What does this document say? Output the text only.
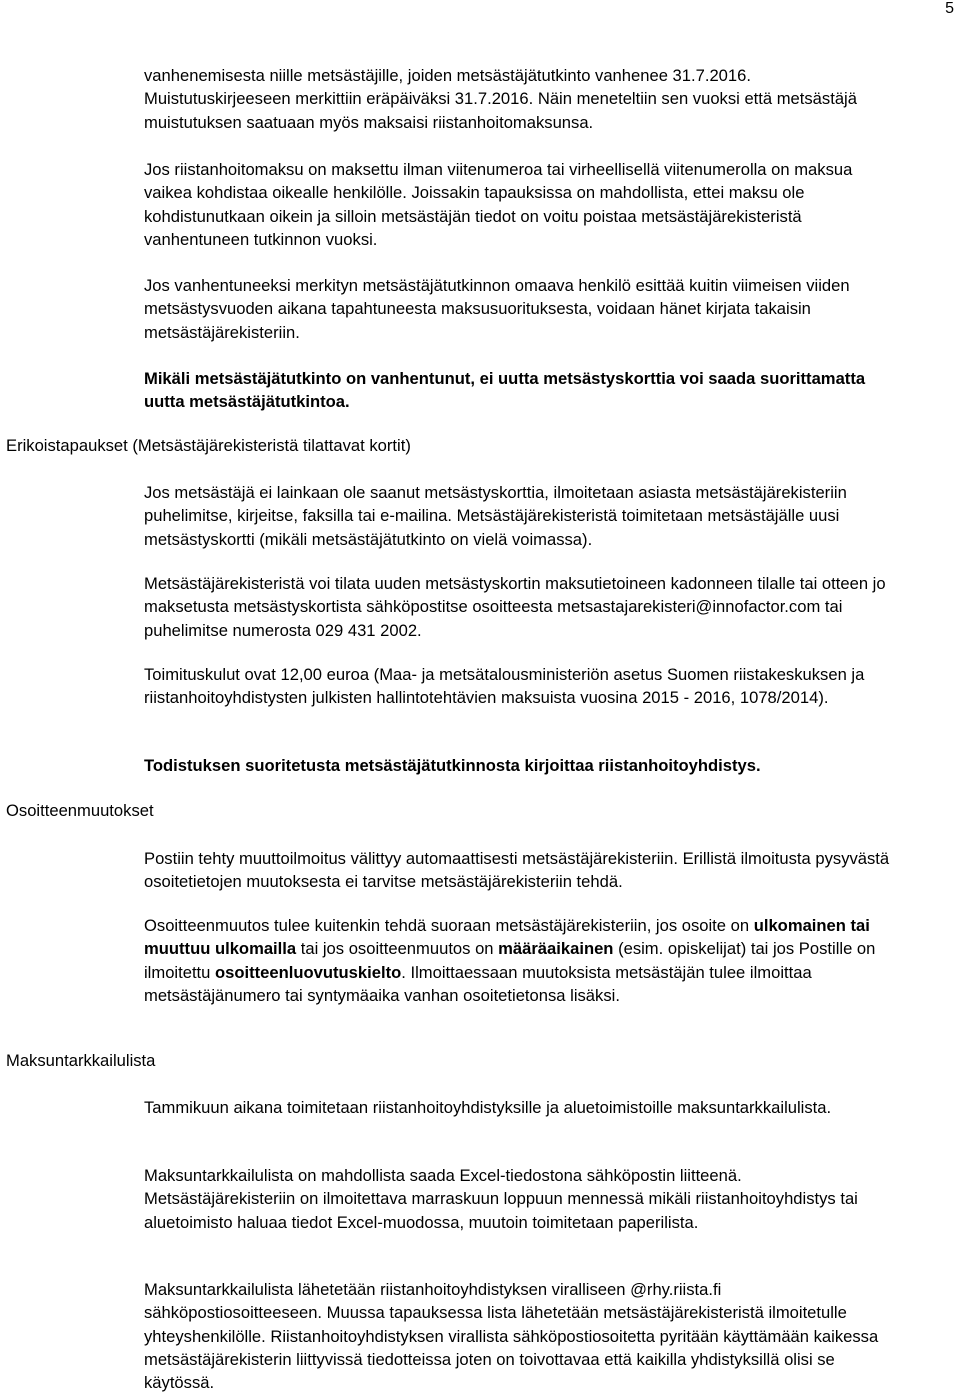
5

vanhenemisesta niille metsästäjille, joiden metsästäjätutkinto vanhenee 31.7.2016. Muistutuskirjeeseen merkittiin eräpäiväksi 31.7.2016. Näin meneteltiin sen vuoksi että metsästäjä muistutuksen saatuaan myös maksaisi riistanhoitomaksunsa.

Jos riistanhoitomaksu on maksettu ilman viitenumeroa tai virheellisellä viitenumerolla on maksua vaikea kohdistaa oikealle henkilölle. Joissakin tapauksissa on mahdollista, ettei maksu ole kohdistunutkaan oikein ja silloin metsästäjän tiedot on voitu poistaa metsästäjärekisteristä vanhentuneen tutkinnon vuoksi.

Jos vanhentuneeksi merkityn metsästäjätutkinnon omaava henkilö esittää kuitin viimeisen viiden metsästysvuoden aikana tapahtuneesta maksusuorituksesta, voidaan hänet kirjata takaisin metsästäjärekisteriin.

Mikäli metsästäjätutkinto on vanhentunut, ei uutta metsästyskorttia voi saada suorittamatta uutta metsästäjätutkintoa.

Erikoistapaukset (Metsästäjärekisteristä tilattavat kortit)

Jos metsästäjä ei lainkaan ole saanut metsästyskorttia, ilmoitetaan asiasta metsästäjärekisteriin puhelimitse, kirjeitse, faksilla tai e-mailina. Metsästäjärekisteristä toimitetaan metsästäjälle uusi metsästyskortti (mikäli metsästäjätutkinto on vielä voimassa).

Metsästäjärekisteristä voi tilata uuden metsästyskortin maksutietoineen kadonneen tilalle tai otteen jo maksetusta metsästyskortista sähköpostitse osoitteesta metsastajarekisteri@innofactor.com tai puhelimitse numerosta 029 431 2002.

Toimituskulut ovat 12,00 euroa (Maa- ja metsätalousministeriön asetus Suomen riistakeskuksen ja riistanhoitoyhdistysten julkisten hallintotehtävien maksuista vuosina 2015 - 2016, 1078/2014).

Todistuksen suoritetusta metsästäjätutkinnosta kirjoittaa riistanhoitoyhdistys.

Osoitteenmuutokset

Postiin tehty muuttoilmoitus välittyy automaattisesti metsästäjärekisteriin. Erillistä ilmoitusta pysyvästä osoitetietojen muutoksesta ei tarvitse metsästäjärekisteriin tehdä.

Osoitteenmuutos tulee kuitenkin tehdä suoraan metsästäjärekisteriin, jos osoite on ulkomainen tai muuttuu ulkomailla tai jos osoitteenmuutos on määräaikainen (esim. opiskelijat) tai jos Postille on ilmoitettu osoitteenluovutuskielto. Ilmoittaessaan muutoksista metsästäjän tulee ilmoittaa metsästäjänumero tai syntymäaika vanhan osoitetietonsa lisäksi.

Maksuntarkkailulista

Tammikuun aikana toimitetaan riistanhoitoyhdistyksille ja aluetoimistoille maksuntarkkailulista.

Maksuntarkkailulista on mahdollista saada Excel-tiedostona sähköpostin liitteenä. Metsästäjärekisteriin on ilmoitettava marraskuun loppuun mennessä mikäli riistanhoitoyhdistys tai aluetoimisto haluaa tiedot Excel-muodossa, muutoin toimitetaan paperilista.

Maksuntarkkailulista lähetetään riistanhoitoyhdistyksen viralliseen @rhy.riista.fi sähköpostiosoitteeseen. Muussa tapauksessa lista lähetetään metsästäjärekisteristä ilmoitetulle yhteyshenkilölle. Riistanhoitoyhdistyksen virallista sähköpostiosoitetta pyritään käyttämään kaikessa metsästäjärekisterin liittyvissä tiedotteissa joten on toivottavaa että kaikilla yhdistyksillä olisi se käytössä.
